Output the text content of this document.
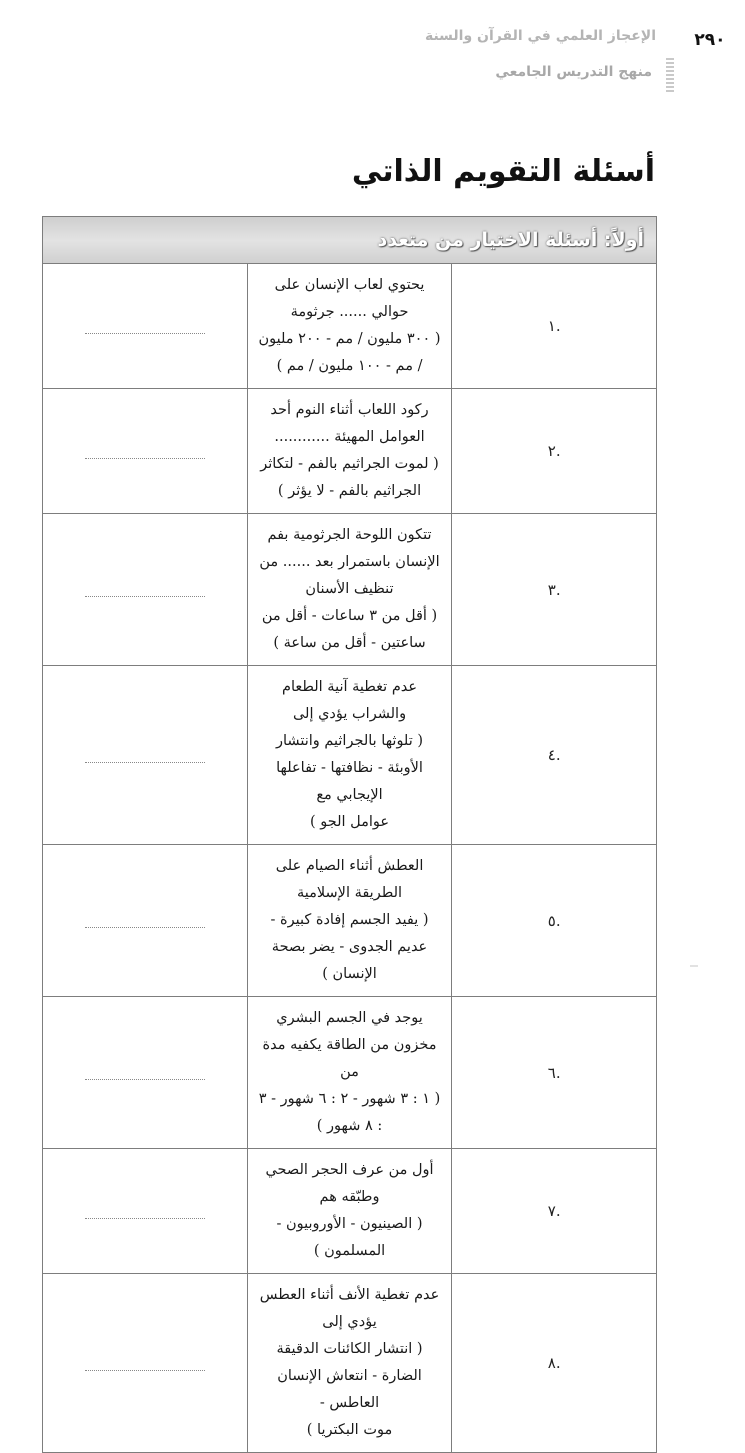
٢٩٠
الإعجاز العلمي في القرآن والسنة
منهج التدريس الجامعي
أسئلة التقويم الذاتي
أولاً: أسئلة الاختيار من متعدد		
.١	يحتوي لعاب الإنسان على حوالي ...... جرثومة
( ٣٠٠ مليون / مم - ٢٠٠ مليون / مم - ١٠٠ مليون / مم )	

.٢	ركود اللعاب أثناء النوم أحد العوامل المهيئة ............
( لموت الجراثيم بالفم - لتكاثر الجراثيم بالفم - لا يؤثر )	

.٣	تتكون اللوحة الجرثومية بفم الإنسان باستمرار بعد ...... من
تنظيف الأسنان
( أقل من ٣ ساعات - أقل من ساعتين - أقل من ساعة )	

.٤	عدم تغطية آنية الطعام والشراب يؤدي إلى
( تلوثها بالجراثيم وانتشار الأوبئة - نظافتها - تفاعلها الإيجابي مع
عوامل الجو )	

.٥	العطش أثناء الصيام على الطريقة الإسلامية
( يفيد الجسم إفادة كبيرة - عديم الجدوى - يضر بصحة الإنسان )	

.٦	يوجد في الجسم البشري مخزون من الطاقة يكفيه مدة من
( ١ : ٣ شهور - ٢ : ٦ شهور - ٣ : ٨ شهور )	

.٧	أول من عرف الحجر الصحي وطبّقه هم
( الصينيون - الأوروبيون - المسلمون )	

.٨	عدم تغطية الأنف أثناء العطس يؤدي إلى
( انتشار الكائنات الدقيقة الضارة - انتعاش الإنسان العاطس -
موت البكتريا )	
